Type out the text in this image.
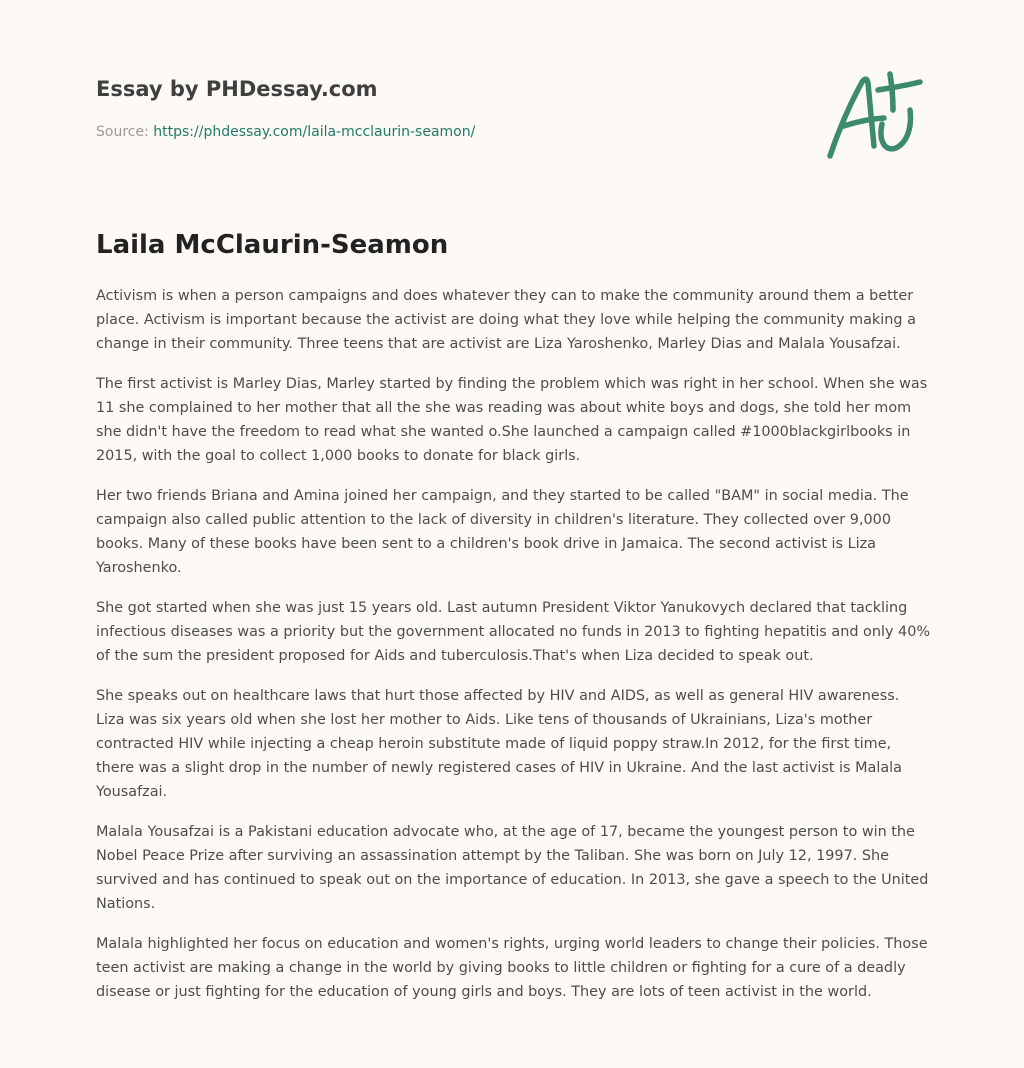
Essay by PHDessay.com
Source: https://phdessay.com/laila-mcclaurin-seamon/
Laila McClaurin-Seamon

Activism is when a person campaigns and does whatever they can to make the community around them a better place. Activism is important because the activist are doing what they love while helping the community making a change in their community. Three teens that are activist are Liza Yaroshenko, Marley Dias and Malala Yousafzai.

The first activist is Marley Dias, Marley started by finding the problem which was right in her school. When she was 11 she complained to her mother that all the she was reading was about white boys and dogs, she told her mom she didn't have the freedom to read what she wanted o.She launched a campaign called #1000blackgirlbooks in 2015, with the goal to collect 1,000 books to donate for black girls.

Her two friends Briana and Amina joined her campaign, and they started to be called "BAM" in social media. The campaign also called public attention to the lack of diversity in children's literature. They collected over 9,000 books. Many of these books have been sent to a children's book drive in Jamaica. The second activist is Liza Yaroshenko.

She got started when she was just 15 years old. Last autumn President Viktor Yanukovych declared that tackling infectious diseases was a priority but the government allocated no funds in 2013 to fighting hepatitis and only 40% of the sum the president proposed for Aids and tuberculosis.That's when Liza decided to speak out.

She speaks out on healthcare laws that hurt those affected by HIV and AIDS, as well as general HIV awareness. Liza was six years old when she lost her mother to Aids. Like tens of thousands of Ukrainians, Liza's mother contracted HIV while injecting a cheap heroin substitute made of liquid poppy straw.In 2012, for the first time, there was a slight drop in the number of newly registered cases of HIV in Ukraine. And the last activist is Malala Yousafzai.

Malala Yousafzai is a Pakistani education advocate who, at the age of 17, became the youngest person to win the Nobel Peace Prize after surviving an assassination attempt by the Taliban. She was born on July 12, 1997. She survived and has continued to speak out on the importance of education. In 2013, she gave a speech to the United Nations.

Malala highlighted her focus on education and women's rights, urging world leaders to change their policies. Those teen activist are making a change in the world by giving books to little children or fighting for a cure of a deadly disease or just fighting for the education of young girls and boys. They are lots of teen activist in the world.
